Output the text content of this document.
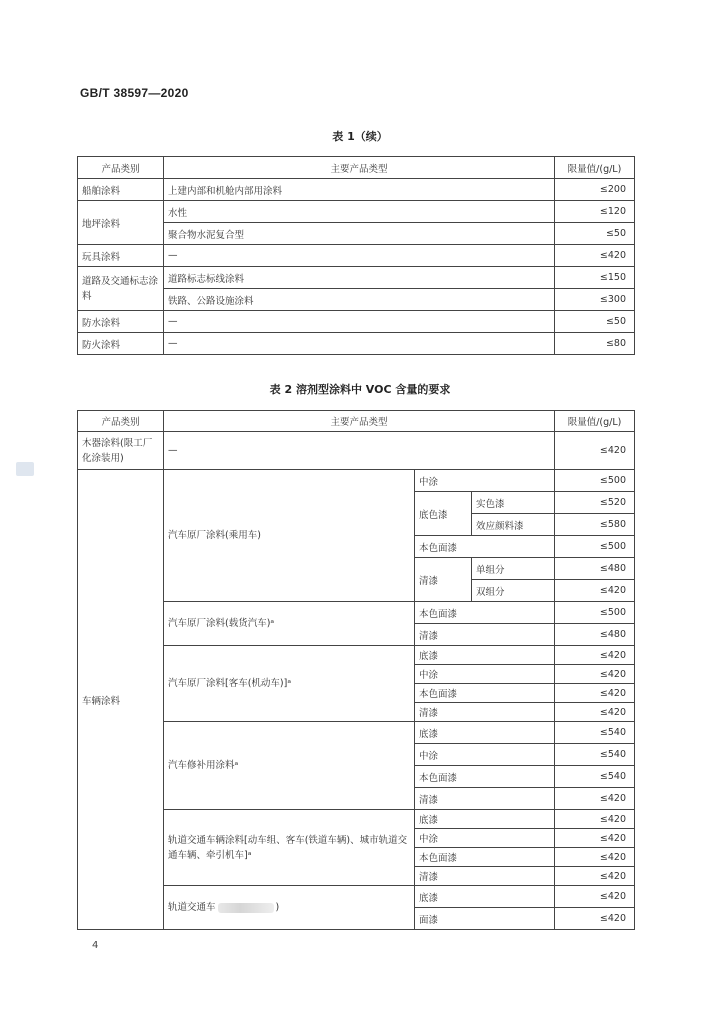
GB/T 38597—2020
表 1（续）
产品类别	主要产品类型	限量值/(g/L)
船舶涂料	上建内部和机舱内部用涂料	≤200
地坪涂料	水性	≤120
	聚合物水泥复合型	≤50
玩具涂料	—	≤420
道路及交通标志涂料	道路标志标线涂料	≤150
	铁路、公路设施涂料	≤300
防水涂料	—	≤50
防火涂料	—	≤80
表 2 溶剂型涂料中 VOC 含量的要求
产品类别	主要产品类型			限量值/(g/L)
木器涂料(限工厂化涂装用)	—			≤420
车辆涂料	汽车原厂涂料(乘用车)	中涂		≤500
		底色漆	实色漆	≤520
			效应颜料漆	≤580
		本色面漆		≤500
		清漆	单组分	≤480
			双组分	≤420
	汽车原厂涂料(载货汽车)ᵃ	本色面漆		≤500
		清漆		≤480
	汽车原厂涂料[客车(机动车)]ᵃ	底漆		≤420
		中涂		≤420
		本色面漆		≤420
		清漆		≤420
	汽车修补用涂料ᵃ	底漆		≤540
		中涂		≤540
		本色面漆		≤540
		清漆		≤420
	轨道交通车辆涂料[动车组、客车(铁道车辆)、城市轨道交通车辆、牵引机车]ᵃ	底漆		≤420
		中涂		≤420
		本色面漆		≤420
		清漆		≤420
	轨道交通车 )	底漆		≤420
		面漆		≤420
4
